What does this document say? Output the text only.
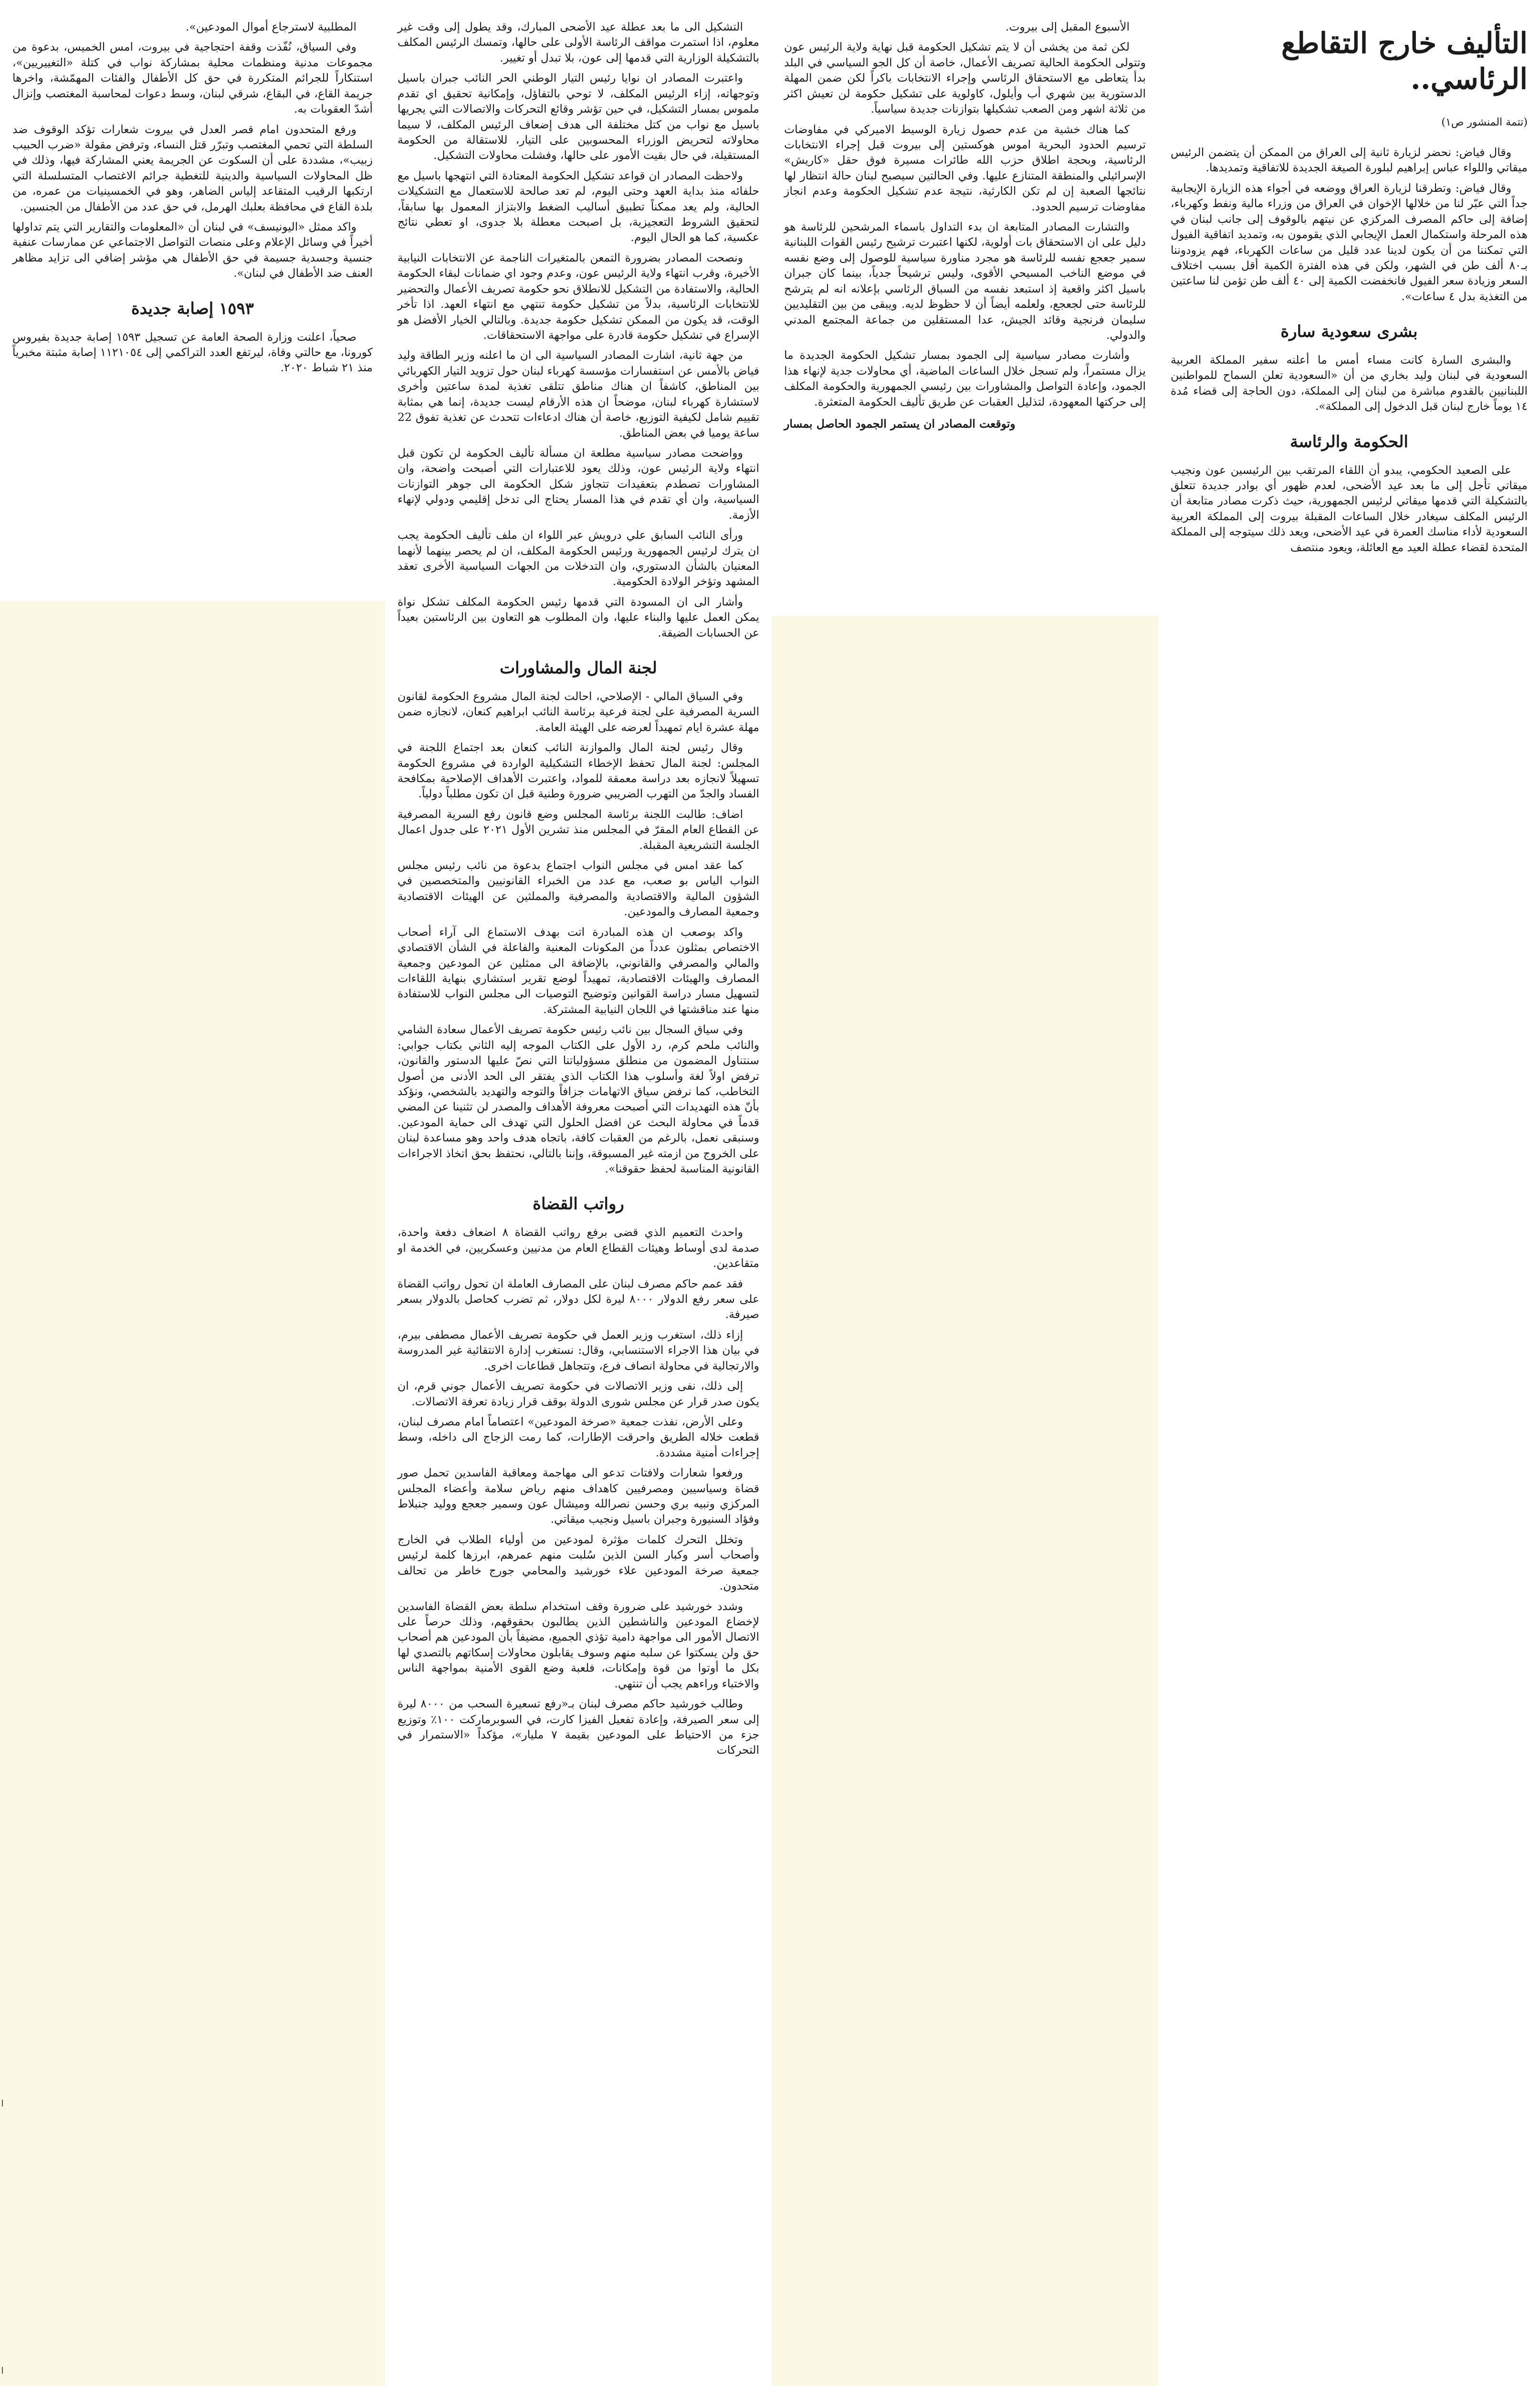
التأليف خارج التقاطع الرئاسي..
(تتمة المنشور ص١)

وقال فياض: نحضر لزيارة ثانية إلى العراق من الممكن أن يتضمن الرئيس ميقاتي واللواء عباس إبراهيم لبلورة الصيغة الجديدة للاتفاقية وتمديدها.

وقال فياض: وتطرقنا لزيارة العراق ووضعه في أجواء هذه الزيارة الإيجابية جداً التي عبّر لنا من خلالها الإخوان في العراق من وزراء مالية ونفط وكهرباء، إضافة إلى حاكم المصرف المركزي عن نيتهم بالوقوف إلى جانب لبنان في هذه المرحلة واستكمال العمل الإيجابي الذي يقومون به، وتمديد اتفاقية الفيول التي تمكننا من أن يكون لدينا عدد قليل من ساعات الكهرباء، فهم يزودوننا بـ٨٠ ألف طن في الشهر، ولكن في هذه الفترة الكمية أقل بسبب اختلاف السعر وزيادة سعر الفيول فانخفضت الكمية إلى ٤٠ ألف طن تؤمن لنا ساعتين من التغذية بدل ٤ ساعات».

بشرى سعودية سارة

والبشرى السارة كانت مساء أمس ما أعلنه سفير المملكة العربية السعودية في لبنان وليد بخاري من أن «السعودية تعلن السماح للمواطنين اللبنانيين بالقدوم مباشرة من لبنان إلى المملكة، دون الحاجة إلى قضاء مُدة ١٤ يوماً خارج لبنان قبل الدخول إلى المملكة».

الحكومة والرئاسة

على الصعيد الحكومي، يبدو أن اللقاء المرتقب بين الرئيسين عون ونجيب ميقاتي تأجل إلى ما بعد عيد الأضحى، لعدم ظهور أي بوادر جديدة تتعلق بالتشكيلة التي قدمها ميقاتي لرئيس الجمهورية، حيث ذكرت مصادر متابعة أن الرئيس المكلف سيغادر خلال الساعات المقبلة بيروت إلى المملكة العربية السعودية لأداء مناسك العمرة في عيد الأضحى، ويعد ذلك سيتوجه إلى المملكة المتحدة لقضاء عطلة العيد مع العائلة، ويعود منتصف

الأسبوع المقبل إلى بيروت.

لكن ثمة من يخشى أن لا يتم تشكيل الحكومة قبل نهاية ولاية الرئيس عون وتتولى الحكومة الحالية تصريف الأعمال، خاصة أن كل الجو السياسي في البلد بدأ يتعاطى مع الاستحقاق الرئاسي وإجراء الانتخابات باكراً لكن ضمن المهلة الدستورية بين شهري أب وأيلول، كاولوية على تشكيل حكومة لن تعيش اكثر من ثلاثة اشهر ومن الصعب تشكيلها بتوازنات جديدة سياسياً.

كما هناك خشية من عدم حصول زيارة الوسيط الاميركي في مفاوضات ترسيم الحدود البحرية اموس هوكستين إلى بيروت قبل إجراء الانتخابات الرئاسية، وبحجة اطلاق حزب الله طائرات مسيرة فوق حقل «كاريش» الإسرائيلي والمنطقة المتنازع عليها. وفي الحالتين سيصبح لبنان حالة انتظار لها نتائجها الصعبة إن لم تكن الكارثية، نتيجة عدم تشكيل الحكومة وعدم انجاز مفاوضات ترسيم الحدود.

والتشارت المصادر المتابعة ان بدء التداول باسماء المرشحين للرئاسة هو دليل على ان الاستحقاق بات أولوية، لكنها اعتبرت ترشيح رئيس القوات اللبنانية سمير جعجع نفسه للرئاسة هو مجرد مناورة سياسية للوصول إلى وضع نفسه في موضع الناخب المسيحي الأقوى، وليس ترشيحاً جدياً، بينما كان جبران باسيل اكثر واقعية إذ استبعد نفسه من السباق الرئاسي بإعلانه انه لم يترشح للرئاسة حتى لجعجع، ولعلمه أيضاً أن لا حظوظ لديه. ويبقى من بين التقليديين سليمان فرنجية وقائد الجيش، عدا المستقلين من جماعة المجتمع المدني والدولي.

وأشارت مصادر سياسية إلى الجمود بمسار تشكيل الحكومة الجديدة ما يزال مستمراً، ولم تسجل خلال الساعات الماضية، أي محاولات جدية لإنهاء هذا الجمود، وإعادة التواصل والمشاورات بين رئيسي الجمهورية والحكومة المكلف إلى حركتها المعهودة، لتذليل العقبات عن طريق تأليف الحكومة المتعثرة.

وتوقعت المصادر ان يستمر الجمود الحاصل بمسار

التشكيل الى ما بعد عطلة عيد الأضحى المبارك، وقد يطول إلى وقت غير معلوم، اذا استمرت مواقف الرئاسة الأولى على حالها، وتمسك الرئيس المكلف بالتشكيلة الوزارية التي قدمها إلى عون، بلا تبدل أو تغيير.

واعتبرت المصادر ان نوايا رئيس التيار الوطني الحر النائب جبران باسيل وتوجهاته، إزاء الرئيس المكلف، لا توحي بالتفاؤل، وإمكانية تحقيق اي تقدم ملموس بمسار التشكيل، في حين تؤشر وقائع التحركات والاتصالات التي يجريها باسيل مع نواب من كتل مختلفة الى هدف إضعاف الرئيس المكلف، لا سيما محاولاته لتحريض الوزراء المحسوبين على التيار، للاستقالة من الحكومة المستقيلة، في حال بقيت الأمور على حالها، وفشلت محاولات التشكيل.

ولاحظت المصادر ان قواعد تشكيل الحكومة المعتادة التي انتهجها باسيل مع حلفائه منذ بداية العهد وحتى اليوم، لم تعد صالحة للاستعمال مع التشكيلات الحالية، ولم يعد ممكناً تطبيق أساليب الضغط والابتزاز المعمول بها سابقاً، لتحقيق الشروط التعجيزية، بل اصبحت معطلة بلا جدوى، او تعطي نتائج عكسية، كما هو الحال اليوم.

ونصحت المصادر بضرورة التمعن بالمتغيرات الناجمة عن الانتخابات النيابية الأخيرة، وقرب انتهاء ولاية الرئيس عون، وعدم وجود اي ضمانات لبقاء الحكومة الحالية، والاستفادة من التشكيل للانطلاق نحو حكومة تصريف الأعمال والتحضير للانتخابات الرئاسية، بدلاً من تشكيل حكومة تنتهي مع انتهاء العهد. اذا تأخر الوقت، قد يكون من الممكن تشكيل حكومة جديدة. وبالتالي الخيار الأفضل هو الإسراع في تشكيل حكومة قادرة على مواجهة الاستحقاقات.

من جهة ثانية، اشارت المصادر السياسية الى ان ما اعلنه وزير الطاقة وليد فياض بالأمس عن استفسارات مؤسسة كهرباء لبنان حول تزويد التيار الكهربائي بين المناطق، كاشفاً ان هناك مناطق تتلقى تغذية لمدة ساعتين وأخرى لاستشارة كهرباء لبنان، موضحاً ان هذه الأرقام ليست جديدة، إنما هي بمثابة تقييم شامل لكيفية التوزيع، خاصة أن هناك ادعاءات تتحدث عن تغذية تفوق 22 ساعة يوميا في بعض المناطق.

وواضحت مصادر سياسية مطلعة ان مسألة تأليف الحكومة لن تكون قبل انتهاء ولاية الرئيس عون، وذلك يعود للاعتبارات التي أصبحت واضحة، وان المشاورات تصطدم بتعقيدات تتجاوز شكل الحكومة الى جوهر التوازنات السياسية، وان أي تقدم في هذا المسار يحتاج الى تدخل إقليمي ودولي لإنهاء الأزمة.

ورأى النائب السابق علي درويش عبر اللواء ان ملف تأليف الحكومة يجب ان يترك لرئيس الجمهورية ورئيس الحكومة المكلف، ان لم يحصر بينهما لأنهما المعنيان بالشأن الدستوري، وان التدخلات من الجهات السياسية الأخرى تعقد المشهد وتؤخر الولادة الحكومية.

وأشار الى ان المسودة التي قدمها رئيس الحكومة المكلف تشكل نواة يمكن العمل عليها والبناء عليها، وان المطلوب هو التعاون بين الرئاستين بعيداً عن الحسابات الضيقة.

لجنة المال والمشاورات

وفي السياق المالي - الإصلاحي، احالت لجنة المال مشروع الحكومة لقانون السرية المصرفية على لجنة فرعية برئاسة النائب ابراهيم كنعان، لانجازه ضمن مهلة عشرة ايام تمهيداً لعرضه على الهيئة العامة.

وقال رئيس لجنة المال والموازنة النائب كنعان بعد اجتماع اللجنة في المجلس: لجنة المال تحفظ الإخطاء التشكيلية الواردة في مشروع الحكومة تسهيلاً لانجازه بعد دراسة معمقة للمواد، واعتبرت الأهداف الإصلاحية بمكافحة الفساد والجدّ من التهرب الضريبي ضرورة وطنية قبل ان تكون مطلباً دولياً.

اضاف: طالبت اللجنة برئاسة المجلس وضع قانون رفع السرية المصرفية عن القطاع العام المقرّ في المجلس منذ تشرين الأول ٢٠٢١ على جدول اعمال الجلسة التشريعية المقبلة.

كما عقد امس في مجلس النواب اجتماع بدعوة من نائب رئيس مجلس النواب الياس بو صعب، مع عدد من الخبراء القانونيين والمتخصصين في الشؤون المالية والاقتصادية والمصرفية والمملثين عن الهيئات الاقتصادية وجمعية المصارف والمودعين.

واكد بوصعب ان هذه المبادرة اتت بهدف الاستماع الى آراء أصحاب الاختصاص بمثلون عدداً من المكونات المعنية والفاعلة في الشأن الاقتصادي والمالي والمصرفي والقانوني، بالإضافة الى ممثلين عن المودعين وجمعية المصارف والهيئات الاقتصادية، تمهيداً لوضع تقرير استشاري بنهاية اللقاءات لتسهيل مسار دراسة القوانين وتوضيح التوصيات الى مجلس النواب للاستفادة منها عند مناقشتها في اللجان النيابية المشتركة.

وفي سياق السجال بين نائب رئيس حكومة تصريف الأعمال سعادة الشامي والنائب ملحم كرم، رد الأول على الكتاب الموجه إليه الثاني بكتاب جوابي: سنتناول المضمون من منطلق مسؤولياتنا التي نصّ عليها الدستور والقانون، ترفض اولاً لغة وأسلوب هذا الكتاب الذي يفتقر الى الحد الأدنى من أصول التخاطب، كما نرفض سياق الاتهامات جزافاً والتوجه والتهديد بالشخصي، ونؤكد بأنّ هذه التهديدات التي أصبحت معروفة الأهداف والمصدر لن تثنينا عن المضي قدماً في محاولة البحث عن افضل الحلول التي تهدف الى حماية المودعين. وسنبقى نعمل، بالرغم من العقبات كافة، باتجاه هدف واحد وهو مساعدة لبنان على الخروج من ازمته غير المسبوقة، وإننا بالتالي، نحتفظ بحق اتخاذ الاجراءات القانونية المناسبة لحفظ حقوقنا».

رواتب القضاة

واحدث التعميم الذي قضى برفع رواتب القضاة ٨ اضعاف دفعة واحدة، صدمة لدى أوساط وهيئات القطاع العام من مدنيين وعسكريين، في الخدمة او متقاعدين.

فقد عمم حاكم مصرف لبنان على المصارف العاملة ان تحول رواتب القضاة على سعر رفع الدولار ٨٠٠٠ ليرة لكل دولار، ثم تضرب كحاصل بالدولار بسعر صيرفة.

إزاء ذلك، استغرب وزير العمل في حكومة تصريف الأعمال مصطفى بيرم، في بيان هذا الاجراء الاستنسابي، وقال: نستغرب إدارة الانتقائية غير المدروسة والارتجالية في محاولة انصاف فرع، وتتجاهل قطاعات اخرى.

إلى ذلك، نفى وزير الاتصالات في حكومة تصريف الأعمال جوني قرم، ان يكون صدر قرار عن مجلس شورى الدولة بوقف قرار زيادة تعرفة الاتصالات.

وعلى الأرض، نفذت جمعية «صرخة المودعين» اعتصاماً امام مصرف لبنان، قطعت خلاله الطريق واحرقت الإطارات، كما رمت الزجاج الى داخله، وسط إجراءات أمنية مشددة.

ورفعوا شعارات ولافتات تدعو الى مهاجمة ومعاقبة الفاسدين تحمل صور قضاة وسياسيين ومصرفيين كاهداف منهم رياض سلامة وأعضاء المجلس المركزي ونبيه بري وحسن نصرالله وميشال عون وسمير جعجع ووليد جنبلاط وفؤاد السنيورة وجبران باسيل ونجيب ميقاتي.

وتخلل التحرك كلمات مؤثرة لمودعين من أولياء الطلاب في الخارج وأصحاب أسر وكبار السن الذين سُلبت منهم عمرهم، ابرزها كلمة لرئيس جمعية صرخة المودعين علاء خورشيد والمحامي جورج خاطر من تحالف متحدون.

وشدد خورشيد على ضرورة وقف استخدام سلطة بعض القضاة الفاسدين لإخضاع المودعين والناشطين الذين يطالبون بحقوقهم، وذلك حرصاً على الاتصال الأمور الى مواجهة دامية تؤذي الجميع، مضيفاً بأن المودعين هم أصحاب حق ولن يسكتوا عن سلبه منهم وسوف يقابلون محاولات إسكاتهم بالتصدي لها بكل ما أوتوا من قوة وإمكانات، فلعبة وضع القوى الأمنية بمواجهة الناس والاختباء وراءهم يجب أن تنتهي.

وطالب خورشيد حاكم مصرف لبنان بـ«رفع تسعيرة السحب من ٨٠٠٠ ليرة إلى سعر الصيرفة، وإعادة تفعيل الفيزا كارت، في السوبرماركت ١٠٠٪ وتوزيع جزء من الاحتياط على المودعين بقيمة ٧ مليار»، مؤكداً «الاستمرار في التحركات

المطلبية لاسترجاع أموال المودعين».

وفي السياق، نُفّذت وقفة احتجاجية في بيروت، امس الخميس، بدعوة من مجموعات مدنية ومنظمات محلية بمشاركة نواب في كتلة «التغييريين»، استنكاراً للجرائم المتكررة في حق كل الأطفال والفئات المهمّشة، واخرها جريمة القاع، في البقاع، شرقي لبنان، وسط دعوات لمحاسبة المغتصب وإنزال أشدّ العقوبات به.

ورفع المتحدون امام قصر العدل في بيروت شعارات تؤكد الوقوف ضد السلطة التي تحمي المغتصب وتبرّر قتل النساء، وترفض مقولة «ضرب الحبيب زبيب»، مشددة على أن السكوت عن الجريمة يعني المشاركة فيها، وذلك في ظل المحاولات السياسية والدينية للتغطية جرائم الاغتصاب المتسلسلة التي ارتكبها الرقيب المتقاعد إلياس الضاهر، وهو في الخمسينيات من عمره، من بلدة القاع في محافظة بعلبك الهرمل، في حق عدد من الأطفال من الجنسين.

واكد ممثل «اليونيسف» في لبنان أن «المعلومات والتقارير التي يتم تداولها أخيراً في وسائل الإعلام وعلى منصات التواصل الاجتماعي عن ممارسات عنفية جنسية وجسدية جسيمة في حق الأطفال هي مؤشر إضافي الى تزايد مظاهر العنف ضد الأطفال في لبنان».

١٥٩٣ إصابة جديدة

صحياً، اعلنت وزارة الصحة العامة عن تسجيل ١٥٩٣ إصابة جديدة بفيروس كورونا، مع حالتي وفاة، ليرتفع العدد التراكمي إلى ١١٢١٠٥٤ إصابة مثبتة مخبرياً منذ ٢١ شباط ٢٠٢٠.
